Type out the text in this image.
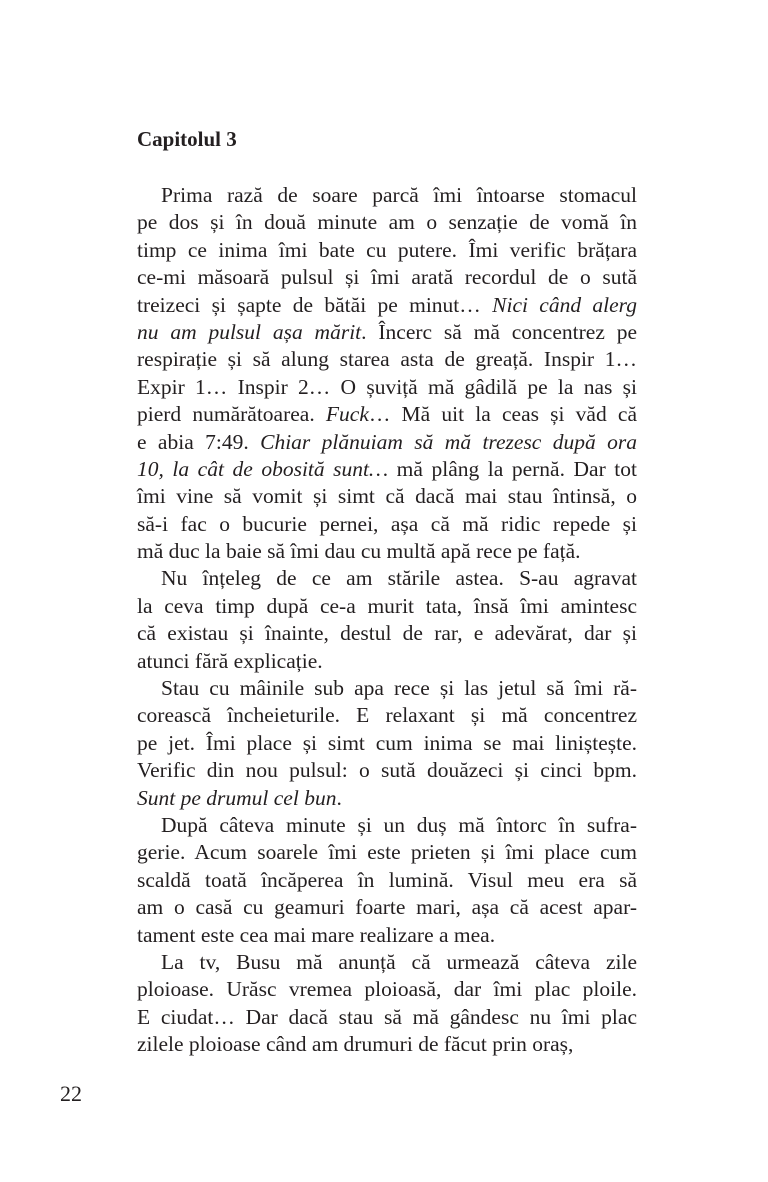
Capitolul 3
Prima rază de soare parcă îmi întoarse stomacul
pe dos și în două minute am o senzație de vomă în
timp ce inima îmi bate cu putere. Îmi verific brățara
ce-mi măsoară pulsul și îmi arată recordul de o sută
treizeci și șapte de bătăi pe minut… Nici când alerg
nu am pulsul așa mărit. Încerc să mă concentrez pe
respirație și să alung starea asta de greață. Inspir 1…
Expir 1… Inspir 2… O șuviță mă gâdilă pe la nas și
pierd numărătoarea. Fuck… Mă uit la ceas și văd că
e abia 7:49. Chiar plănuiam să mă trezesc după ora
10, la cât de obosită sunt… mă plâng la pernă. Dar tot
îmi vine să vomit și simt că dacă mai stau întinsă, o
să-i fac o bucurie pernei, așa că mă ridic repede și
mă duc la baie să îmi dau cu multă apă rece pe față.
Nu înțeleg de ce am stările astea. S-au agravat
la ceva timp după ce-a murit tata, însă îmi amintesc
că existau și înainte, destul de rar, e adevărat, dar și
atunci fără explicație.
Stau cu mâinile sub apa rece și las jetul să îmi ră-
corească încheieturile. E relaxant și mă concentrez
pe jet. Îmi place și simt cum inima se mai liniștește.
Verific din nou pulsul: o sută douăzeci și cinci bpm.
Sunt pe drumul cel bun.
După câteva minute și un duș mă întorc în sufra-
gerie. Acum soarele îmi este prieten și îmi place cum
scaldă toată încăperea în lumină. Visul meu era să
am o casă cu geamuri foarte mari, așa că acest apar-
tament este cea mai mare realizare a mea.
La tv, Busu mă anunță că urmează câteva zile
ploioase. Urăsc vremea ploioasă, dar îmi plac ploile.
E ciudat… Dar dacă stau să mă gândesc nu îmi plac
zilele ploioase când am drumuri de făcut prin oraș,
22
